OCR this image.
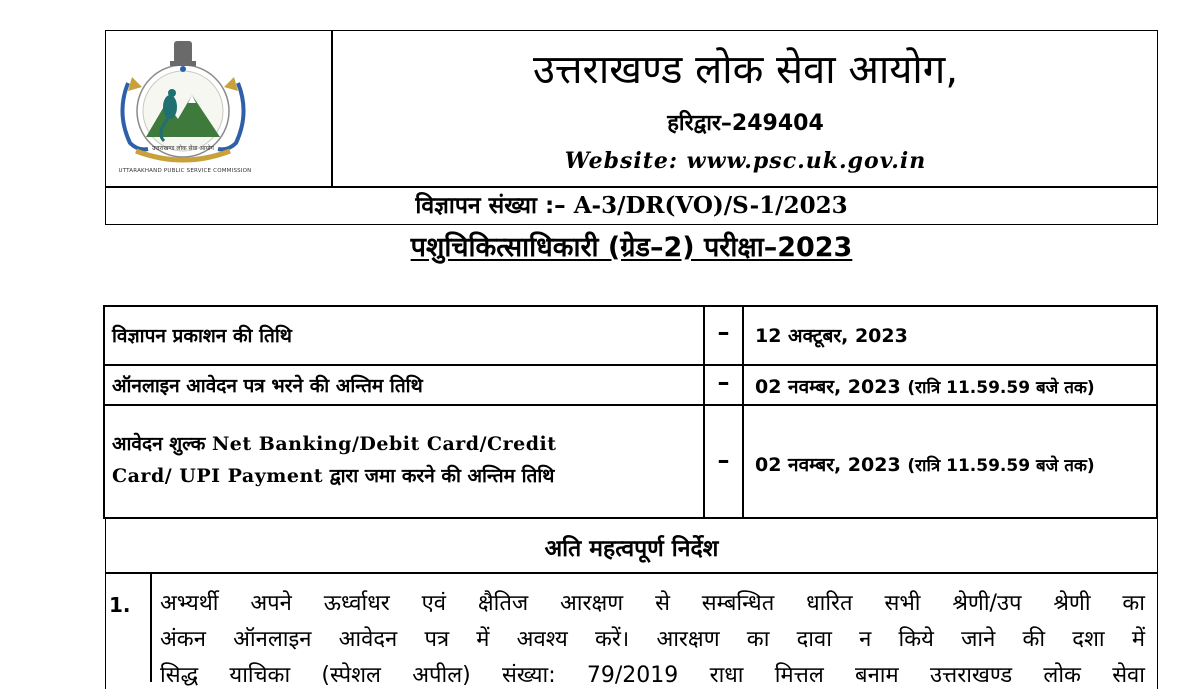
उत्तराखण्ड लोक सेवा आयोग
UTTARAKHAND PUBLIC SERVICE COMMISSION
उत्तराखण्ड लोक सेवा आयोग,
हरिद्वार–249404
Website: www.psc.uk.gov.in
विज्ञापन संख्या :– A-3/DR(VO)/S-1/2023
पशुचिकित्साधिकारी (ग्रेड–2) परीक्षा–2023
विज्ञापन प्रकाशन की तिथि	–	12 अक्टूबर, 2023
ऑनलाइन आवेदन पत्र भरने की अन्तिम तिथि	–	02 नवम्बर, 2023 (रात्रि 11.59.59 बजे तक)
आवेदन शुल्क Net Banking/Debit Card/Credit
Card/ UPI Payment द्वारा जमा करने की अन्तिम तिथि
–	02 नवम्बर, 2023 (रात्रि 11.59.59 बजे तक)
अति महत्वपूर्ण निर्देश
1. अभ्यर्थी अपने ऊर्ध्वाधर एवं क्षैतिज आरक्षण से सम्बन्धित धारित सभी श्रेणी/उप श्रेणी का
अंकन ऑनलाइन आवेदन पत्र में अवश्य करें। आरक्षण का दावा न किये जाने की दशा में
सिद्ध याचिका (स्पेशल अपील) संख्या: 79/2019 राधा मित्तल बनाम उत्तराखण्ड लोक सेवा
